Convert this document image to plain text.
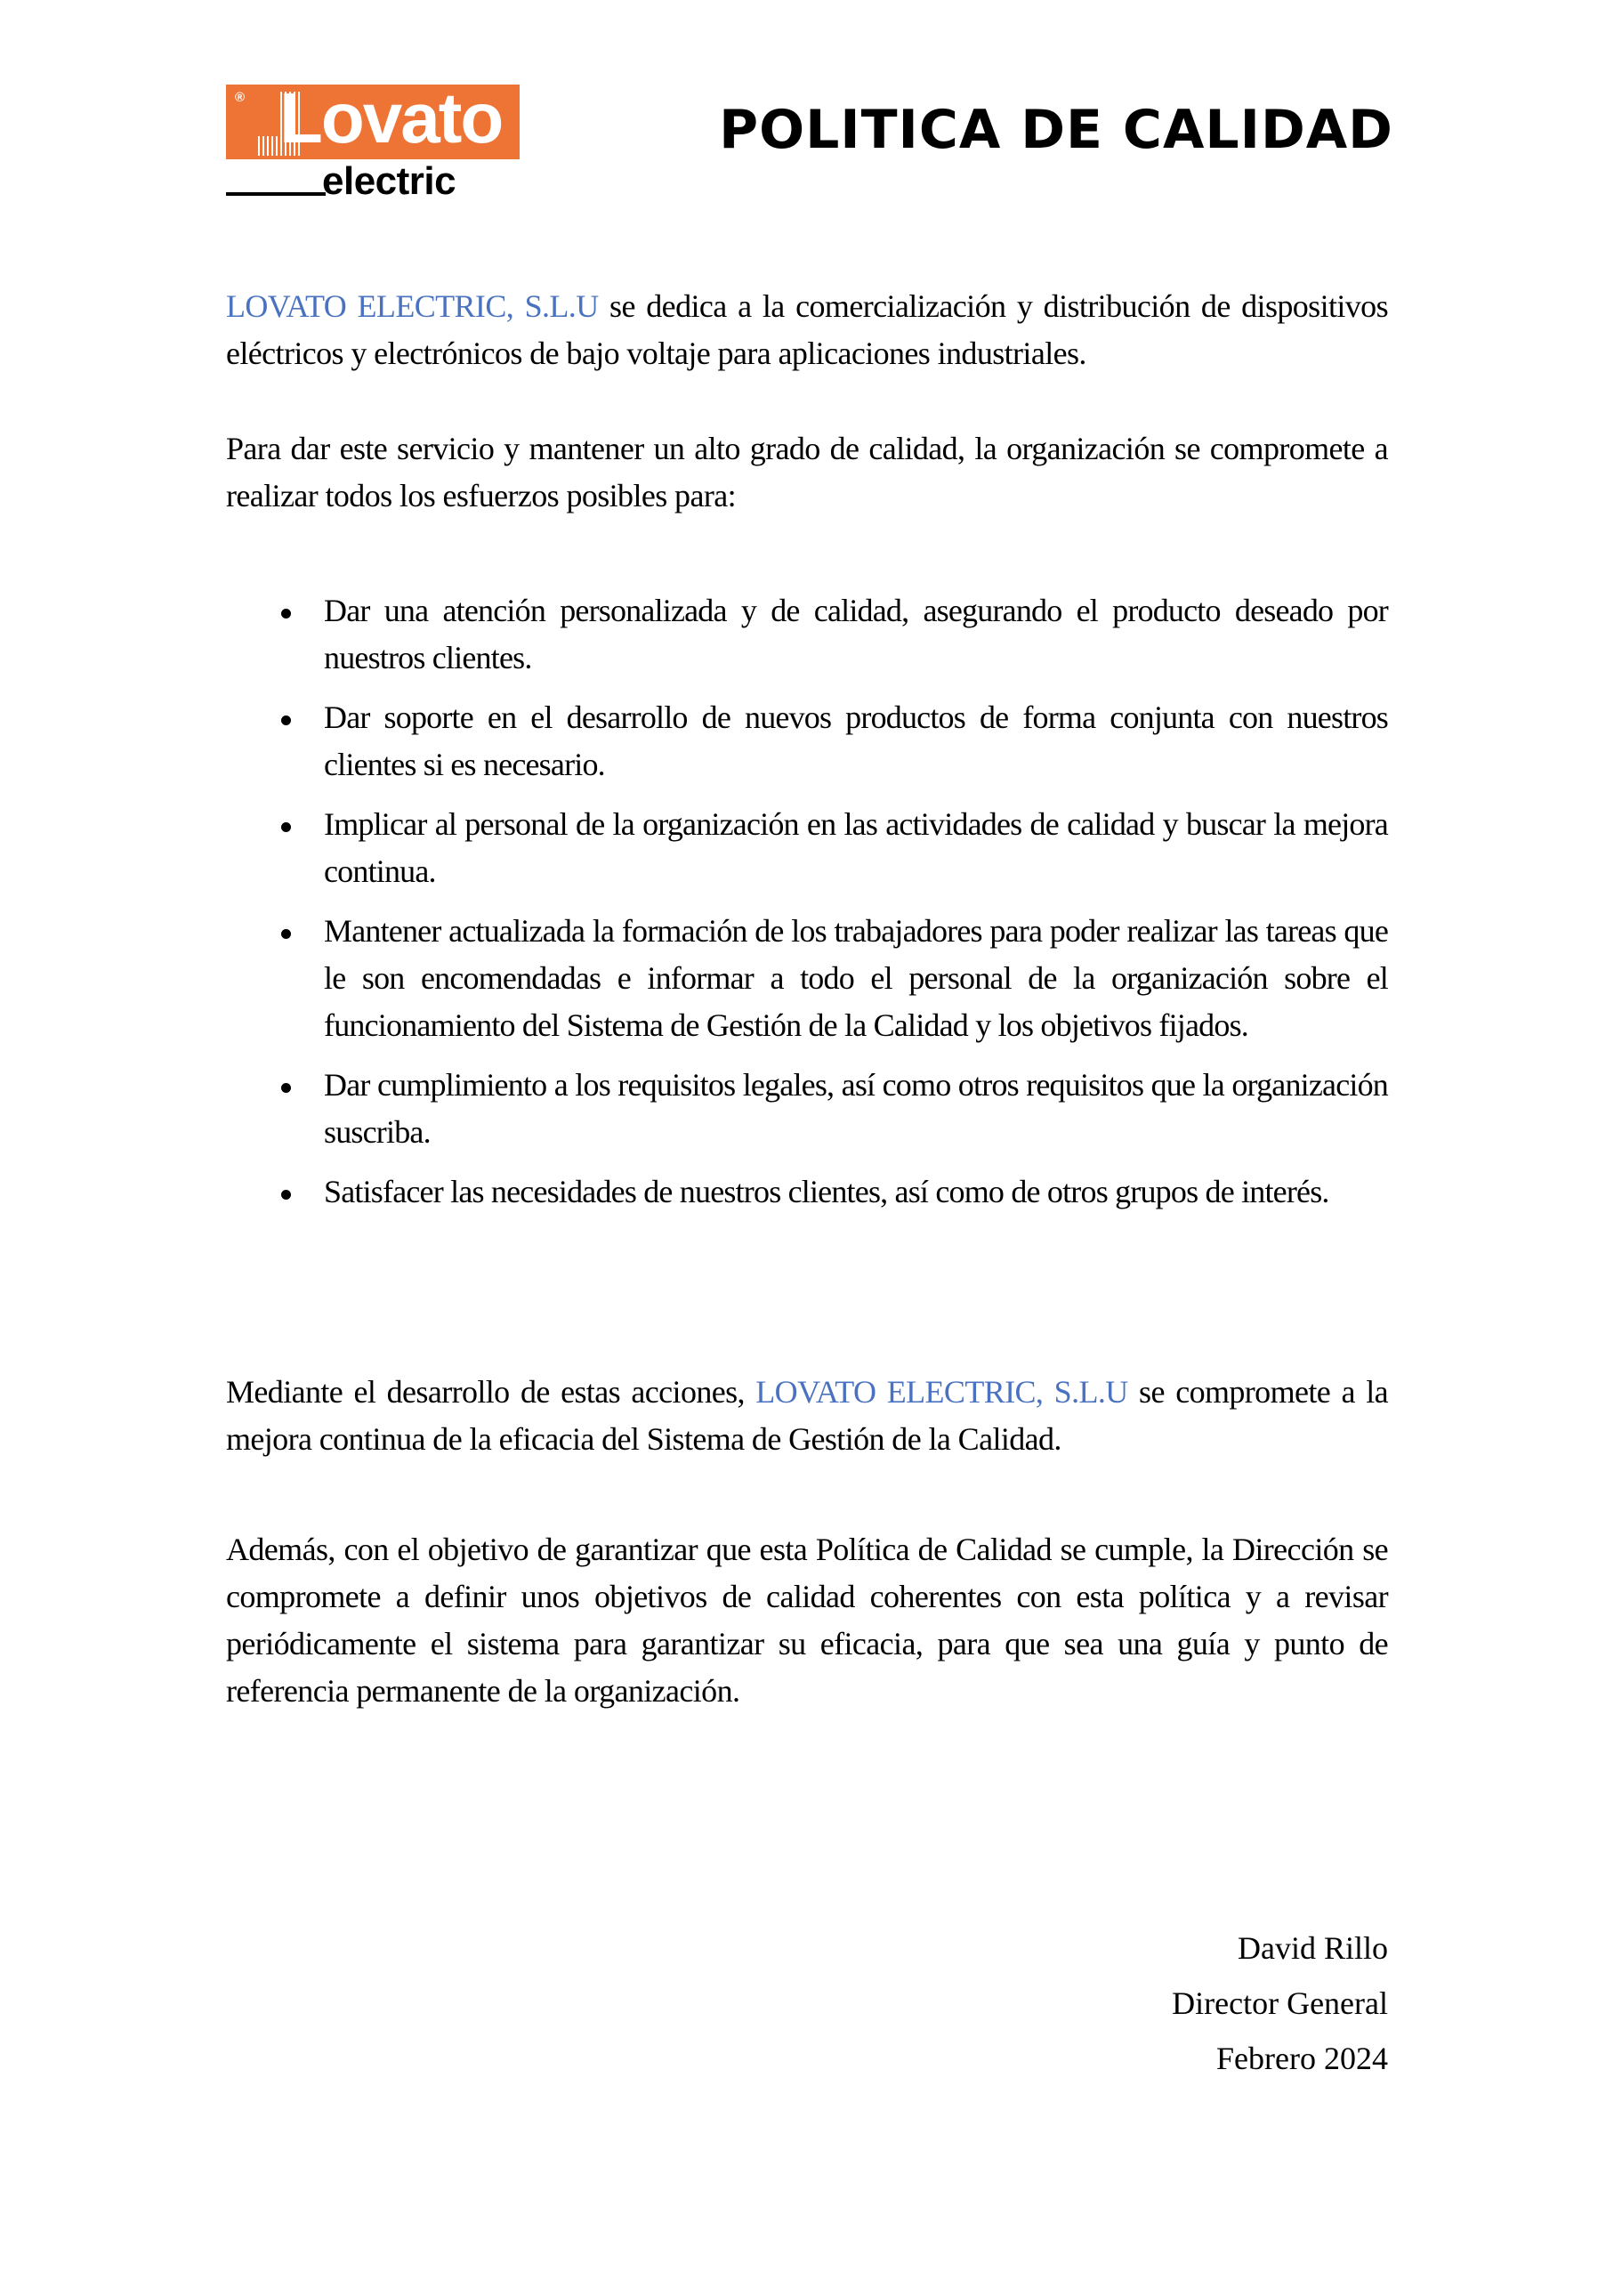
® Lovato
electric
POLITICA DE CALIDAD

LOVATO ELECTRIC, S.L.U se dedica a la comercialización y distribución de dispositivos eléctricos y electrónicos de bajo voltaje para aplicaciones industriales.

Para dar este servicio y mantener un alto grado de calidad, la organización se compromete a realizar todos los esfuerzos posibles para:

Dar una atención personalizada y de calidad, asegurando el producto deseado por nuestros clientes.
Dar soporte en el desarrollo de nuevos productos de forma conjunta con nuestros clientes si es necesario.
Implicar al personal de la organización en las actividades de calidad y buscar la mejora continua.
Mantener actualizada la formación de los trabajadores para poder realizar las tareas que le son encomendadas e informar a todo el personal de la organización sobre el funcionamiento del Sistema de Gestión de la Calidad y los objetivos fijados.
Dar cumplimiento a los requisitos legales, así como otros requisitos que la organización suscriba.
Satisfacer las necesidades de nuestros clientes, así como de otros grupos de interés.

Mediante el desarrollo de estas acciones, LOVATO ELECTRIC, S.L.U se compromete a la mejora continua de la eficacia del Sistema de Gestión de la Calidad.

Además, con el objetivo de garantizar que esta Política de Calidad se cumple, la Dirección se compromete a definir unos objetivos de calidad coherentes con esta política y a revisar periódicamente el sistema para garantizar su eficacia, para que sea una guía y punto de referencia permanente de la organización.

David Rillo
Director General
Febrero 2024
